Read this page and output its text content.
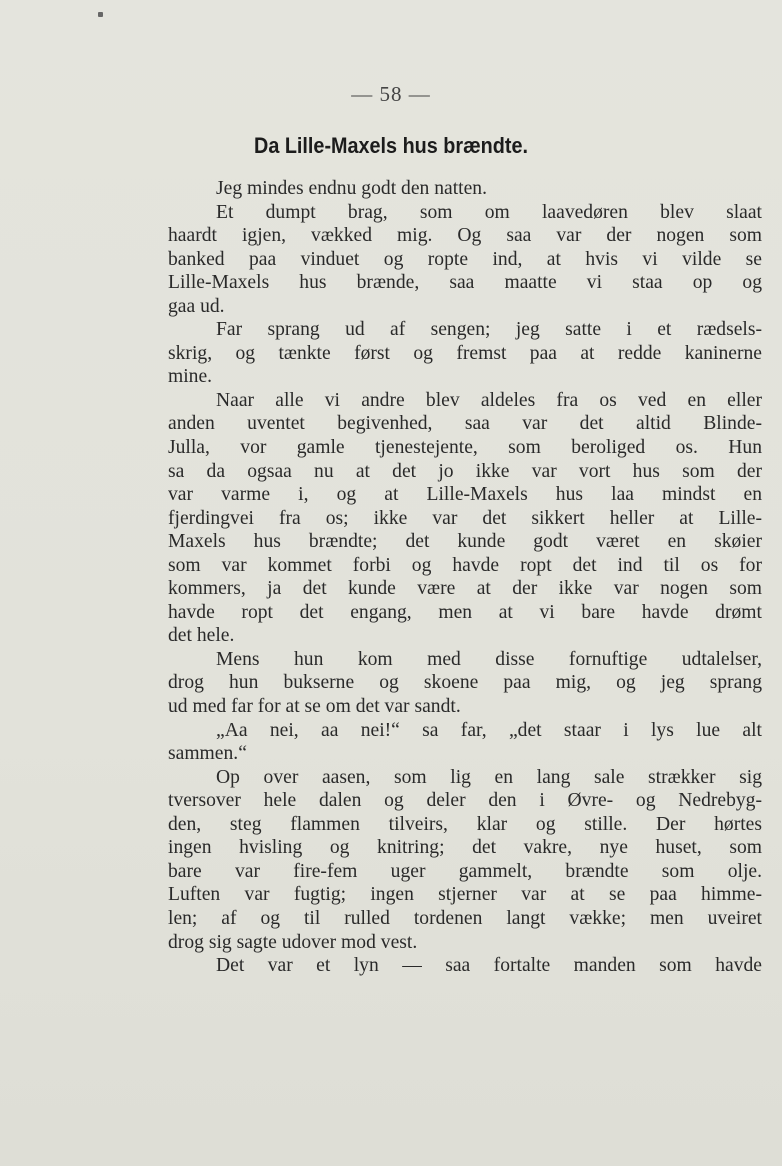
— 58 —
Da Lille-Maxels hus brændte.
Jeg mindes endnu godt den natten.
Et dumpt brag, som om laavedøren blev slaat
haardt igjen, vækked mig. Og saa var der nogen som
banked paa vinduet og ropte ind, at hvis vi vilde se
Lille-Maxels hus brænde, saa maatte vi staa op og
gaa ud.
Far sprang ud af sengen; jeg satte i et rædsels-
skrig, og tænkte først og fremst paa at redde kaninerne
mine.
Naar alle vi andre blev aldeles fra os ved en eller
anden uventet begivenhed, saa var det altid Blinde-
Julla, vor gamle tjenestejente, som beroliged os. Hun
sa da ogsaa nu at det jo ikke var vort hus som der
var varme i, og at Lille-Maxels hus laa mindst en
fjerdingvei fra os; ikke var det sikkert heller at Lille-
Maxels hus brændte; det kunde godt været en skøier
som var kommet forbi og havde ropt det ind til os for
kommers, ja det kunde være at der ikke var nogen som
havde ropt det engang, men at vi bare havde drømt
det hele.
Mens hun kom med disse fornuftige udtalelser,
drog hun bukserne og skoene paa mig, og jeg sprang
ud med far for at se om det var sandt.
„Aa nei, aa nei!“ sa far, „det staar i lys lue alt
sammen.“
Op over aasen, som lig en lang sale strækker sig
tversover hele dalen og deler den i Øvre- og Nedrebyg-
den, steg flammen tilveirs, klar og stille. Der hørtes
ingen hvisling og knitring; det vakre, nye huset, som
bare var fire-fem uger gammelt, brændte som olje.
Luften var fugtig; ingen stjerner var at se paa himme-
len; af og til rulled tordenen langt vække; men uveiret
drog sig sagte udover mod vest.
Det var et lyn — saa fortalte manden som havde
